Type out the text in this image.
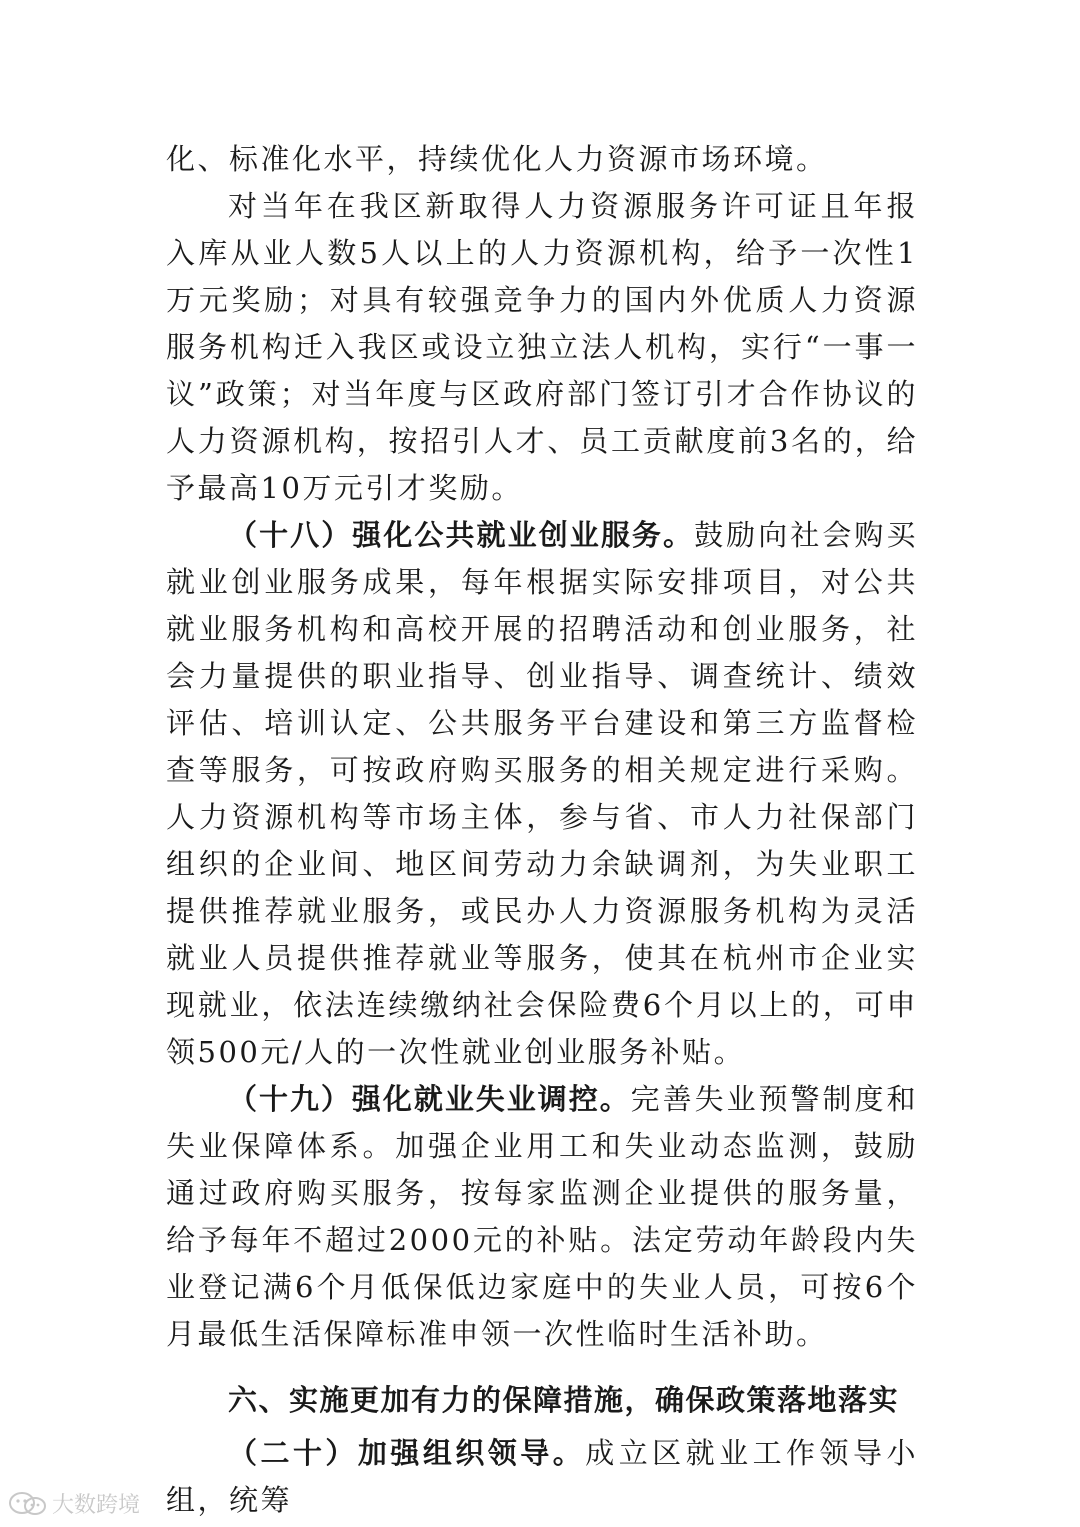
化、标准化水平，持续优化人力资源市场环境。

对当年在我区新取得人力资源服务许可证且年报入库从业人数5人以上的人力资源机构，给予一次性1万元奖励；对具有较强竞争力的国内外优质人力资源服务机构迁入我区或设立独立法人机构，实行“一事一议”政策；对当年度与区政府部门签订引才合作协议的人力资源机构，按招引人才、员工贡献度前3名的，给予最高10万元引才奖励。

（十八）强化公共就业创业服务。鼓励向社会购买就业创业服务成果，每年根据实际安排项目，对公共就业服务机构和高校开展的招聘活动和创业服务，社会力量提供的职业指导、创业指导、调查统计、绩效评估、培训认定、公共服务平台建设和第三方监督检查等服务，可按政府购买服务的相关规定进行采购。人力资源机构等市场主体，参与省、市人力社保部门组织的企业间、地区间劳动力余缺调剂，为失业职工提供推荐就业服务，或民办人力资源服务机构为灵活就业人员提供推荐就业等服务，使其在杭州市企业实现就业，依法连续缴纳社会保险费6个月以上的，可申领500元/人的一次性就业创业服务补贴。

（十九）强化就业失业调控。完善失业预警制度和失业保障体系。加强企业用工和失业动态监测，鼓励通过政府购买服务，按每家监测企业提供的服务量，给予每年不超过2000元的补贴。法定劳动年龄段内失业登记满6个月低保低边家庭中的失业人员，可按6个月最低生活保障标准申领一次性临时生活补助。

六、实施更加有力的保障措施，确保政策落地落实

（二十）加强组织领导。成立区就业工作领导小组，统筹

大数跨境
